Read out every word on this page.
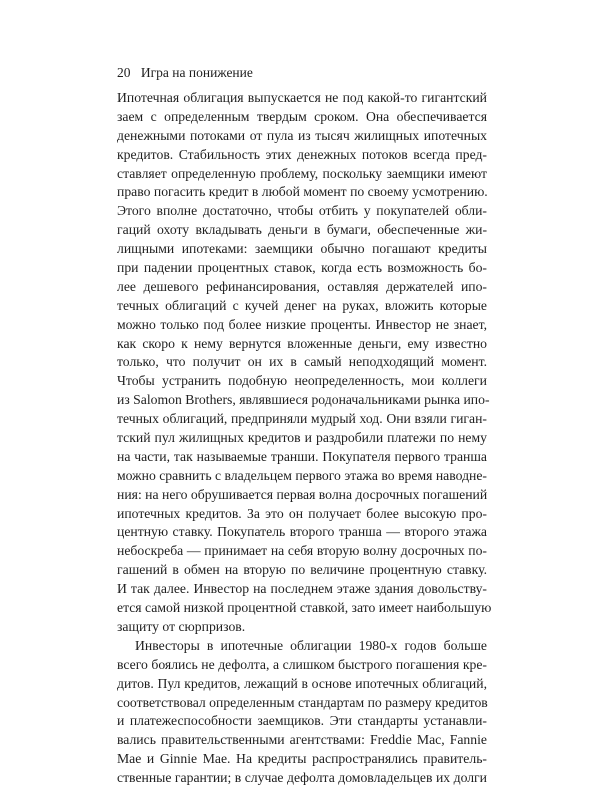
20 Игра на понижение
Ипотечная облигация выпускается не под какой-то гигантский
заем с определенным твердым сроком. Она обеспечивается
денежными потоками от пула из тысяч жилищных ипотечных
кредитов. Стабильность этих денежных потоков всегда пред-
ставляет определенную проблему, поскольку заемщики имеют
право погасить кредит в любой момент по своему усмотрению.
Этого вполне достаточно, чтобы отбить у покупателей обли-
гаций охоту вкладывать деньги в бумаги, обеспеченные жи-
лищными ипотеками: заемщики обычно погашают кредиты
при падении процентных ставок, когда есть возможность бо-
лее дешевого рефинансирования, оставляя держателей ипо-
течных облигаций с кучей денег на руках, вложить которые
можно только под более низкие проценты. Инвестор не знает,
как скоро к нему вернутся вложенные деньги, ему известно
только, что получит он их в самый неподходящий момент.
Чтобы устранить подобную неопределенность, мои коллеги
из Salomon Brothers, являвшиеся родоначальниками рынка ипо-
течных облигаций, предприняли мудрый ход. Они взяли гиган-
тский пул жилищных кредитов и раздробили платежи по нему
на части, так называемые транши. Покупателя первого транша
можно сравнить с владельцем первого этажа во время наводне-
ния: на него обрушивается первая волна досрочных погашений
ипотечных кредитов. За это он получает более высокую про-
центную ставку. Покупатель второго транша — второго этажа
небоскреба — принимает на себя вторую волну досрочных по-
гашений в обмен на вторую по величине процентную ставку.
И так далее. Инвестор на последнем этаже здания довольству-
ется самой низкой процентной ставкой, зато имеет наибольшую
защиту от сюрпризов.
Инвесторы в ипотечные облигации 1980-х годов больше
всего боялись не дефолта, а слишком быстрого погашения кре-
дитов. Пул кредитов, лежащий в основе ипотечных облигаций,
соответствовал определенным стандартам по размеру кредитов
и платежеспособности заемщиков. Эти стандарты устанавли-
вались правительственными агентствами: Freddie Mac, Fannie
Mae и Ginnie Mae. На кредиты распространялись правитель-
ственные гарантии; в случае дефолта домовладельцев их долги
